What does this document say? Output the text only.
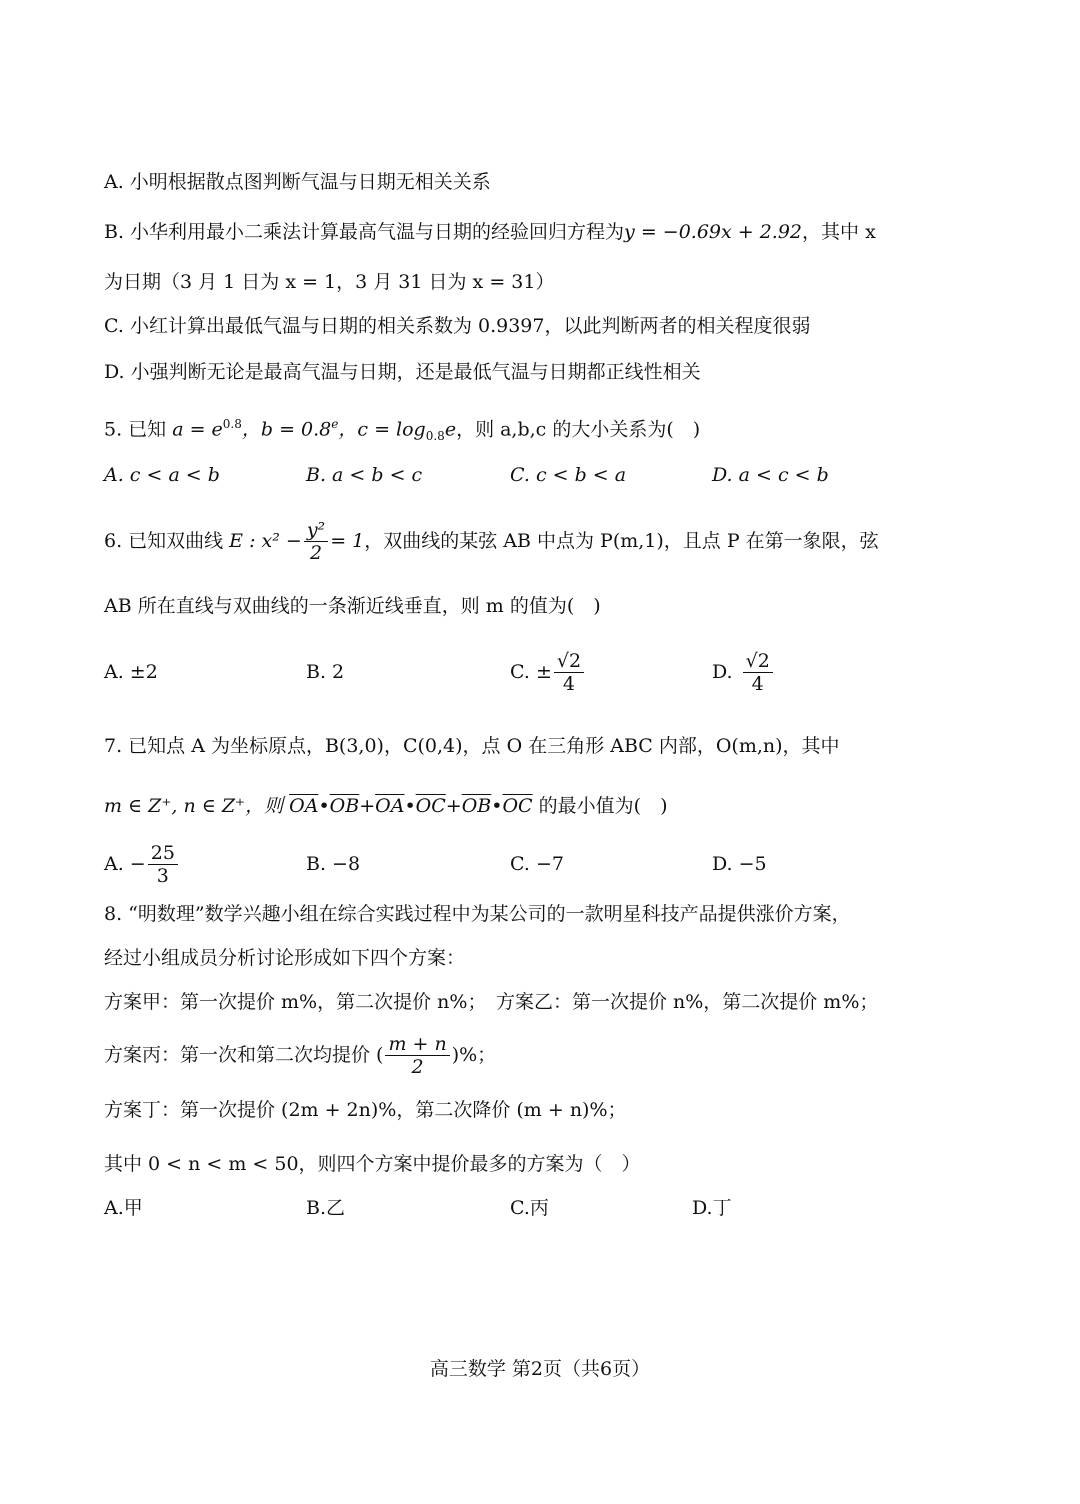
A. 小明根据散点图判断气温与日期无相关关系
B. 小华利用最小二乘法计算最高气温与日期的经验回归方程为y = −0.69x + 2.92，其中 x
为日期（3 月 1 日为 x = 1，3 月 31 日为 x = 31）
C. 小红计算出最低气温与日期的相关系数为 0.9397，以此判断两者的相关程度很弱
D. 小强判断无论是最高气温与日期，还是最低气温与日期都正线性相关
5. 已知 $a = e^{0.8}$，b = 0.8$^e$，$c = \log_{0.8}e$，则 a,b,c 的大小关系为(　)
A. c < a < b	B. a < b < c	C. c < b < a	D. a < c < b
6. 已知双曲线 E : $x^2 - \frac{\text{y²}}{2} = 1$ ，双曲线的某弦 AB 中点为 P(m,1)，且点 P 在第一象限，弦
AB 所在直线与双曲线的一条渐近线垂直，则 m 的值为(　)
A. ±2	B. 2	C. ± $\frac{√2}{4}$	D. $\frac{√2}{4}$
7. 已知点 A 为坐标原点，B(3,0)，C(0,4)，点 O 在三角形 ABC 内部，O(m,n)，其中
m ∈ Z⁺, n ∈ Z⁺，则 $\overline{OA}•\overline{OB}+\overline{OA}•\overline{OC}+\overline{OB}•\overline{OC}$ 的最小值为(　)
A. − $\frac{25}{3}$	B. −8	C. −7	D. −5
8. “明数理”数学兴趣小组在综合实践过程中为某公司的一款明星科技产品提供涨价方案，
经过小组成员分析讨论形成如下四个方案：
方案甲：第一次提价 m%，第二次提价 n%；　方案乙：第一次提价 n%，第二次提价 m%；
方案丙：第一次和第二次均提价 ( $\frac{m + n}{2}$ )%；
方案丁：第一次提价 (2m + 2n)%，第二次降价 (m + n)%；
其中 0 < n < m < 50，则四个方案中提价最多的方案为（　）
A.甲	B.乙	C.丙	D.丁
高三数学 第2页（共6页）
